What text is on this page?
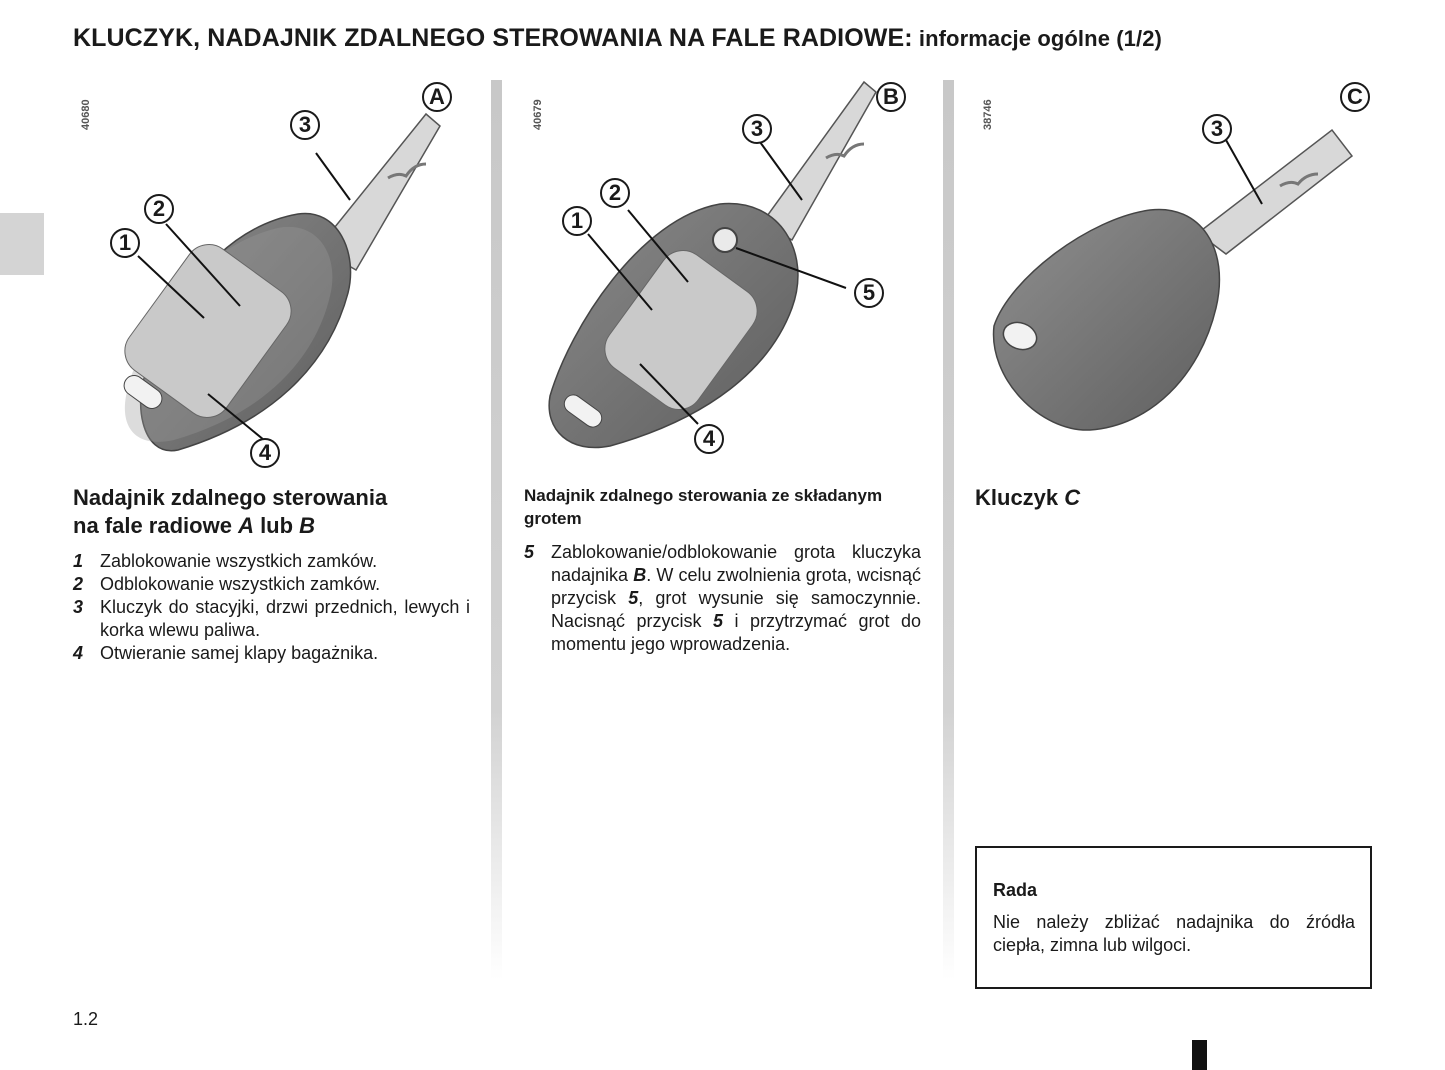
KLUCZYK, NADAJNIK ZDALNEGO STEROWANIA NA FALE RADIOWE: informacje ogólne (1/2)
40680
A
3
2
1
4
40679
B
3
2
1
5
4
38746
C
3
Nadajnik zdalnego sterowania
na fale radiowe A lub B
1 Zablokowanie wszystkich zamków.
2 Odblokowanie wszystkich zamków.
3 Kluczyk do stacyjki, drzwi przednich, lewych i korka wlewu paliwa.
4 Otwieranie samej klapy bagażnika.
Nadajnik zdalnego sterowania ze składanym grotem
5 Zablokowanie/odblokowanie grota kluczyka nadajnika B. W celu zwolnienia grota, wcisnąć przycisk 5, grot wysunie się samoczynnie. Nacisnąć przycisk 5 i przytrzymać grot do momentu jego wprowadzenia.
Kluczyk C
Rada
Nie należy zbliżać nadajnika do źródła ciepła, zimna lub wilgoci.
1.2
